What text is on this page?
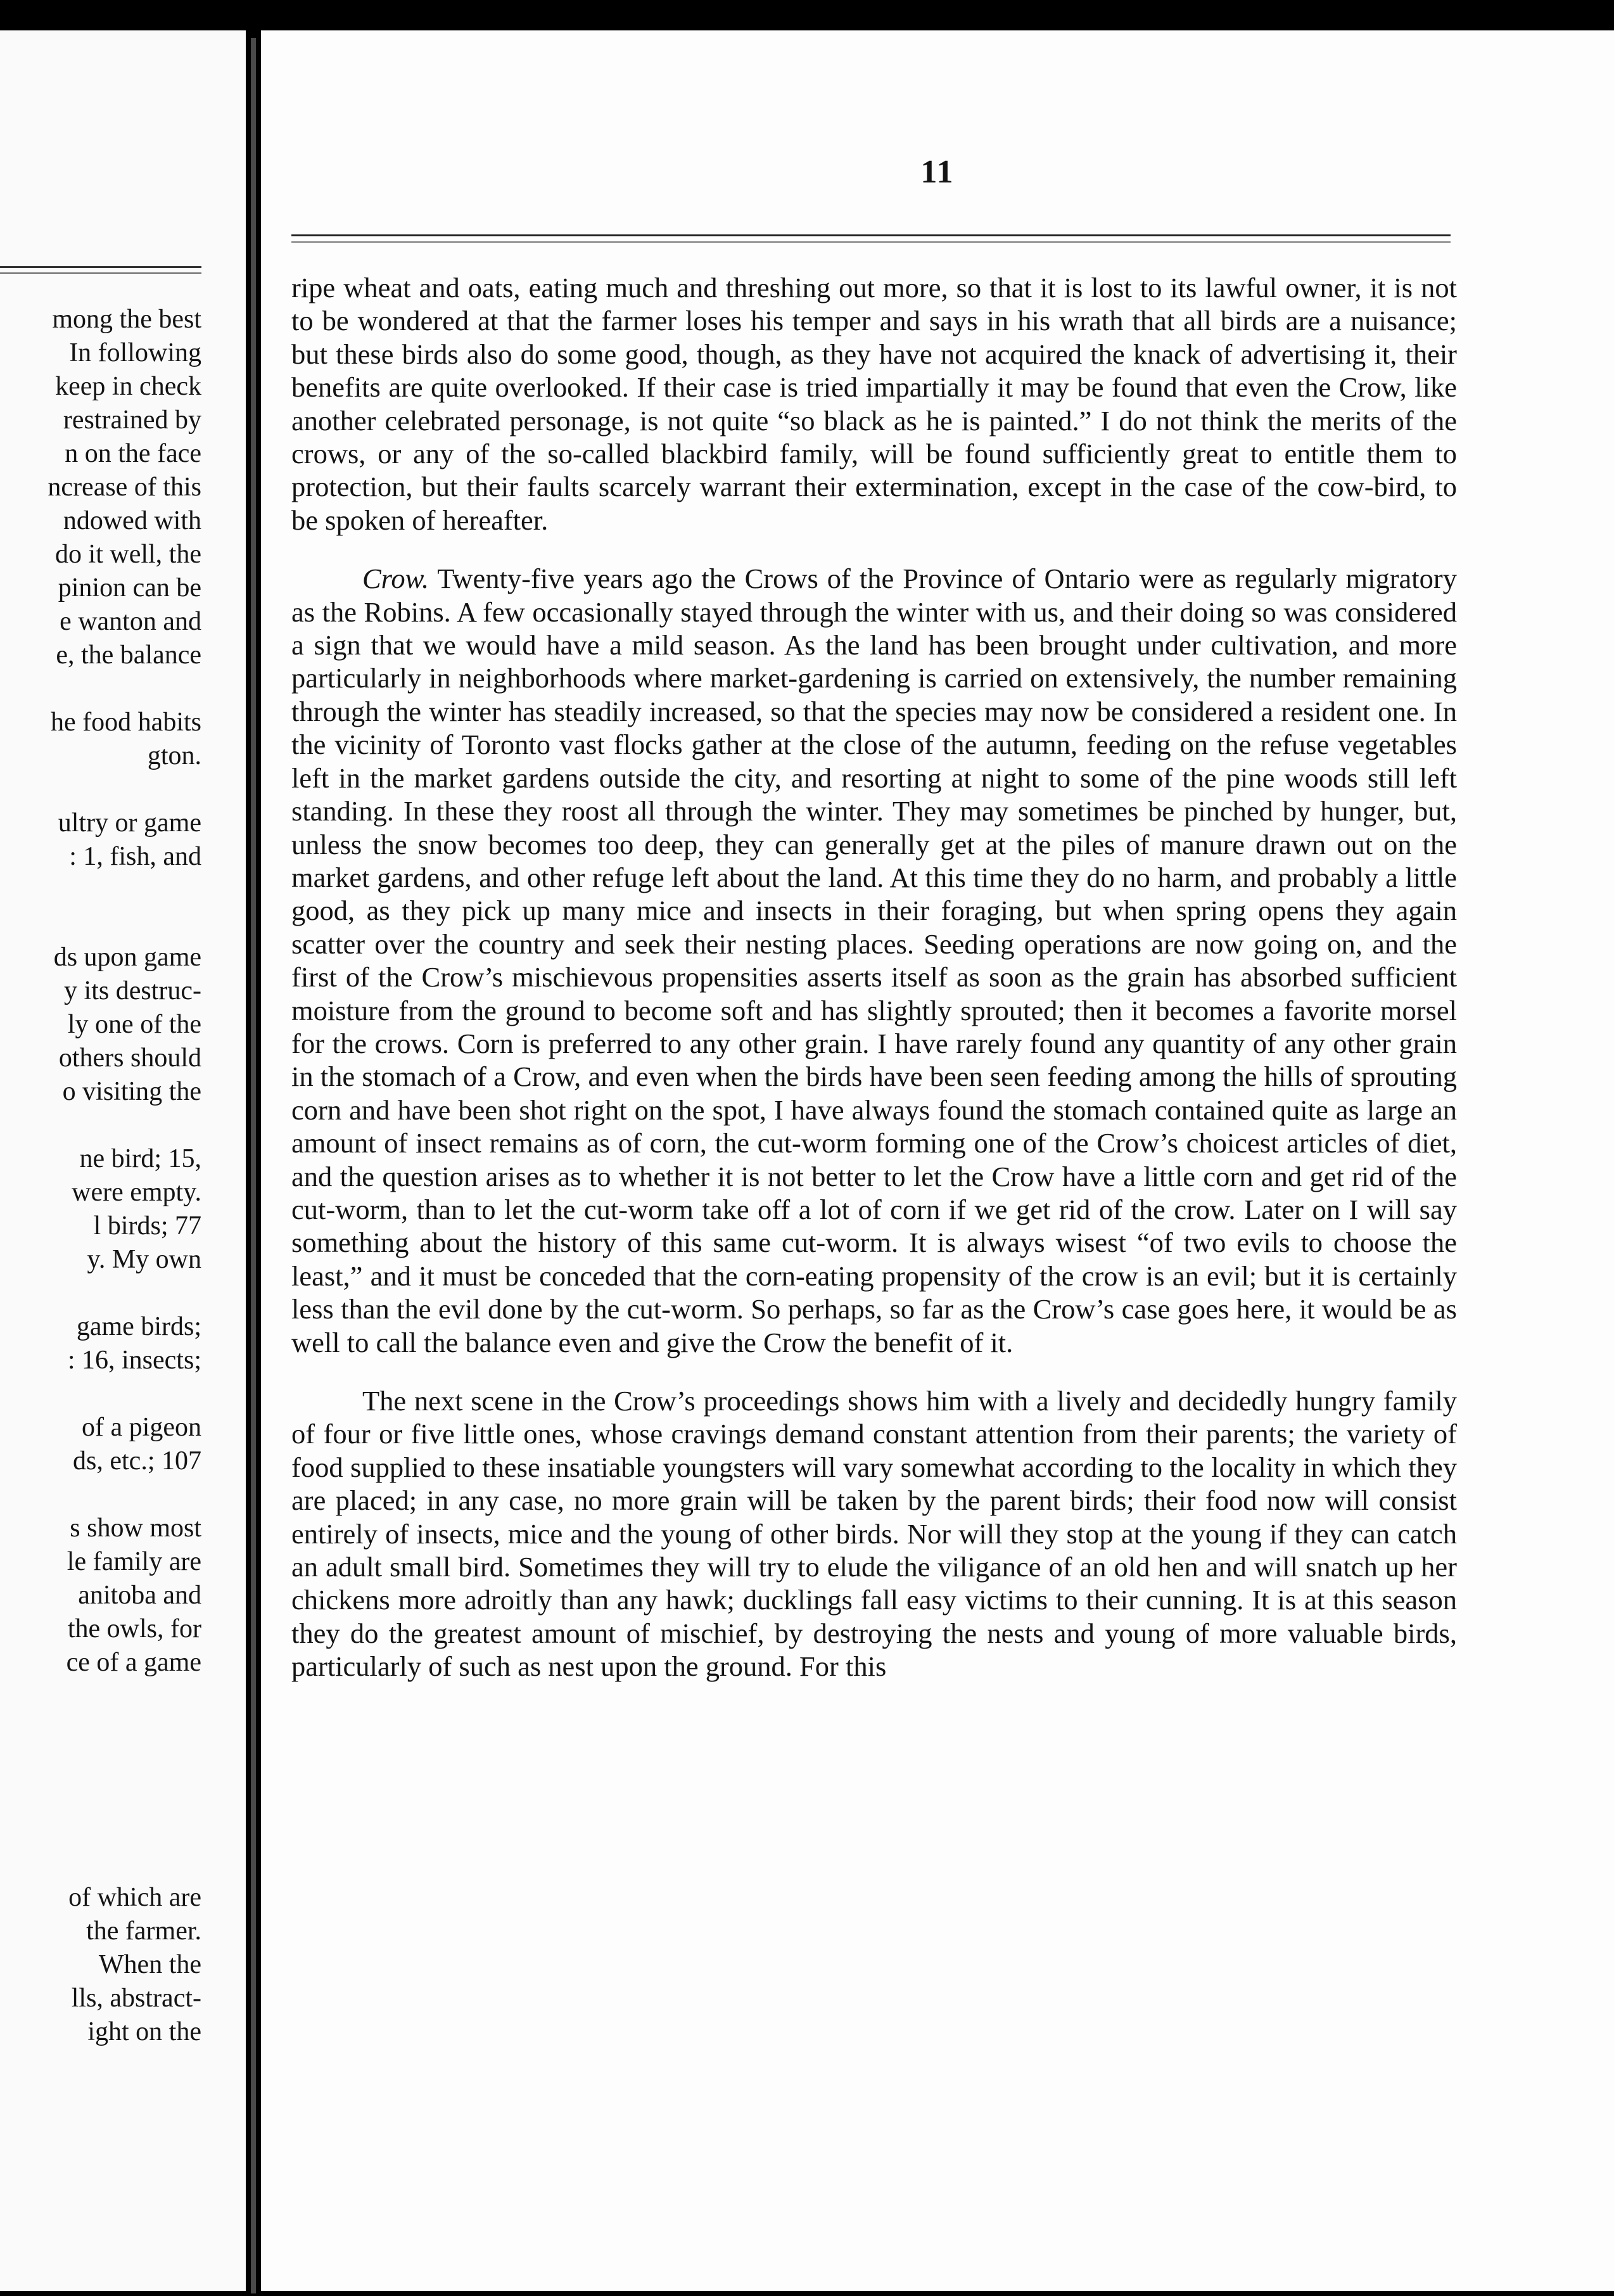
mong the best
In following
keep in check
restrained by
n on the face
ncrease of this
ndowed with
do it well, the
pinion can be
e wanton and
e, the balance
he food habits
gton.
ultry or game
: 1, fish, and
ds upon game
y its destruc-
ly one of the
others should
o visiting the
ne bird; 15,
were empty.
l birds; 77
y. My own
game birds;
: 16, insects;
of a pigeon
ds, etc.; 107
s show most
le family are
anitoba and
the owls, for
ce of a game
of which are
the farmer.
When the
lls, abstract-
ight on the
11

ripe wheat and oats, eating much and threshing out more, so that it is lost to its lawful owner, it is not to be wondered at that the farmer loses his temper and says in his wrath that all birds are a nuisance; but these birds also do some good, though, as they have not acquired the knack of advertising it, their benefits are quite overlooked. If their case is tried impartially it may be found that even the Crow, like another celebrated personage, is not quite “so black as he is painted.” I do not think the merits of the crows, or any of the so-called blackbird family, will be found sufficiently great to entitle them to protection, but their faults scarcely warrant their extermination, except in the case of the cow-bird, to be spoken of hereafter.

Crow. Twenty-five years ago the Crows of the Province of Ontario were as regularly migratory as the Robins. A few occasionally stayed through the winter with us, and their doing so was considered a sign that we would have a mild season. As the land has been brought under cultivation, and more particularly in neighborhoods where market-gardening is carried on extensively, the number remaining through the winter has steadily increased, so that the species may now be considered a resident one. In the vicinity of Toronto vast flocks gather at the close of the autumn, feeding on the refuse vegetables left in the market gardens outside the city, and resorting at night to some of the pine woods still left standing. In these they roost all through the winter. They may sometimes be pinched by hunger, but, unless the snow becomes too deep, they can generally get at the piles of manure drawn out on the market gardens, and other refuge left about the land. At this time they do no harm, and probably a little good, as they pick up many mice and insects in their foraging, but when spring opens they again scatter over the country and seek their nesting places. Seeding operations are now going on, and the first of the Crow’s mischievous propensities asserts itself as soon as the grain has absorbed sufficient moisture from the ground to become soft and has slightly sprouted; then it becomes a favorite morsel for the crows. Corn is preferred to any other grain. I have rarely found any quantity of any other grain in the stomach of a Crow, and even when the birds have been seen feeding among the hills of sprouting corn and have been shot right on the spot, I have always found the stomach contained quite as large an amount of insect remains as of corn, the cut-worm forming one of the Crow’s choicest articles of diet, and the question arises as to whether it is not better to let the Crow have a little corn and get rid of the cut-worm, than to let the cut-worm take off a lot of corn if we get rid of the crow. Later on I will say something about the history of this same cut-worm. It is always wisest “of two evils to choose the least,” and it must be conceded that the corn-eating propensity of the crow is an evil; but it is certainly less than the evil done by the cut-worm. So perhaps, so far as the Crow’s case goes here, it would be as well to call the balance even and give the Crow the benefit of it.

The next scene in the Crow’s proceedings shows him with a lively and decidedly hungry family of four or five little ones, whose cravings demand constant attention from their parents; the variety of food supplied to these insatiable youngsters will vary somewhat according to the locality in which they are placed; in any case, no more grain will be taken by the parent birds; their food now will consist entirely of insects, mice and the young of other birds. Nor will they stop at the young if they can catch an adult small bird. Sometimes they will try to elude the viligance of an old hen and will snatch up her chickens more adroitly than any hawk; ducklings fall easy victims to their cunning. It is at this season they do the greatest amount of mischief, by destroying the nests and young of more valuable birds, particularly of such as nest upon the ground. For this
